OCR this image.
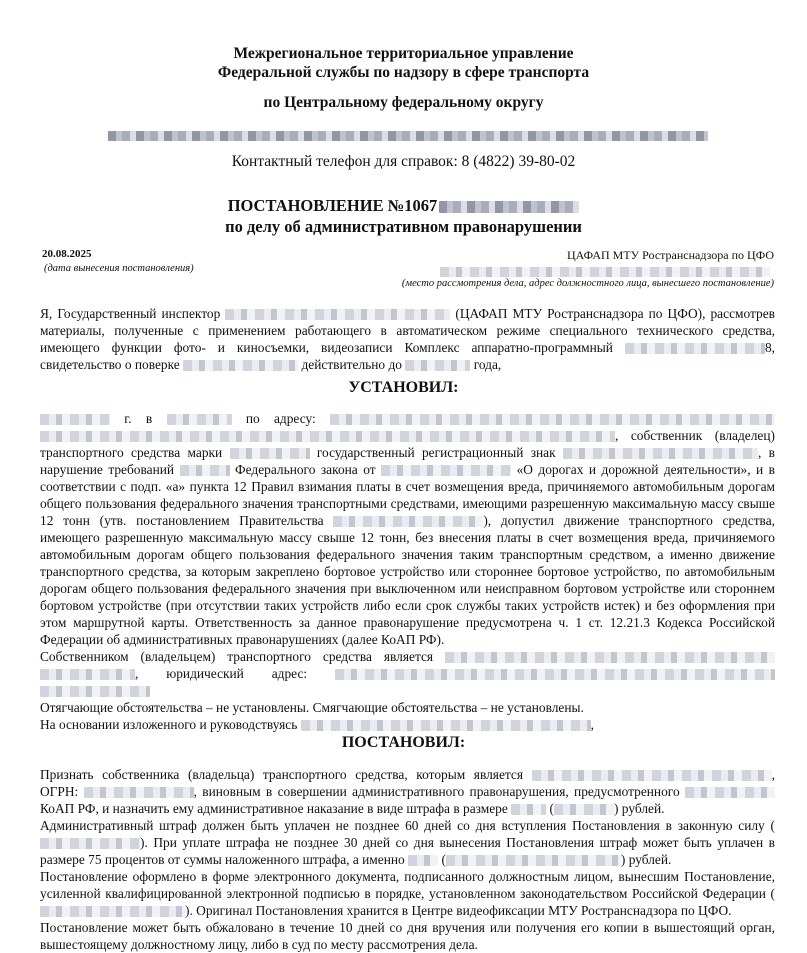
Межрегиональное территориальное управление
Федеральной службы по надзору в сфере транспорта
по Центральному федеральному округу
Контактный телефон для справок: 8 (4822) 39-80-02
ПОСТАНОВЛЕНИЕ №1067
по делу об административном правонарушении
20.08.2025
(дата вынесения постановления)
ЦАФАП МТУ Ространснадзора по ЦФО
(место рассмотрения дела, адрес должностного лица, вынесшего постановление)
Я, Государственный инспектор	(ЦАФАП МТУ Ространснадзора по ЦФО), рассмотрев материалы, полученные с применением работающего в автоматическом режиме специального технического средства, имеющего функции фото- и киносъемки, видеозаписи Комплекс аппаратно-программный	8, свидетельство о поверке	действительно до	года,
УСТАНОВИЛ:
г. в	по адресу:  , собственник (владелец) транспортного средства марки	государственный регистрационный знак	, в нарушение требований	Федерального закона от	«О дорогах и дорожной деятельности», и в соответствии с подп. «а» пункта 12 Правил взимания платы в счет возмещения вреда, причиняемого автомобильным дорогам общего пользования федерального значения транспортными средствами, имеющими разрешенную максимальную массу свыше 12 тонн (утв. постановлением Правительства	), допустил движение транспортного средства, имеющего разрешенную максимальную массу свыше 12 тонн, без внесения платы в счет возмещения вреда, причиняемого автомобильным дорогам общего пользования федерального значения таким транспортным средством, а именно движение транспортного средства, за которым закреплено бортовое устройство или стороннее бортовое устройство, по автомобильным дорогам общего пользования федерального значения при выключенном или неисправном бортовом устройстве или стороннем бортовом устройстве (при отсутствии таких устройств либо если срок службы таких устройств истек) и без оформления при этом маршрутной карты. Ответственность за данное правонарушение предусмотрена ч. 1 ст. 12.21.3 Кодекса Российской Федерации об административных правонарушениях (далее КоАП РФ).
Собственником (владельцем) транспортного средства является  , юридический адрес:
Отягчающие обстоятельства – не установлены. Смягчающие обстоятельства – не установлены.
На основании изложенного и руководствуясь	,
ПОСТАНОВИЛ:
Признать собственника (владельца) транспортного средства, которым является	, ОГРН:	, виновным в совершении административного правонарушения, предусмотренного  КоАП РФ, и назначить ему административное наказание в виде штрафа в размере	(	) рублей.
Административный штраф должен быть уплачен не позднее 60 дней со дня вступления Постановления в законную силу (). При уплате штрафа не позднее 30 дней со дня вынесения Постановления штраф может быть уплачен в размере 75 процентов от суммы наложенного штрафа, а именно  (	) рублей.
Постановление оформлено в форме электронного документа, подписанного должностным лицом, вынесшим Постановление, усиленной квалифицированной электронной подписью в порядке, установленном законодательством Российской Федерации (). Оригинал Постановления хранится в Центре видеофиксации МТУ Ространснадзора по ЦФО.
Постановление может быть обжаловано в течение 10 дней со дня вручения или получения его копии в вышестоящий орган, вышестоящему должностному лицу, либо в суд по месту рассмотрения дела.
